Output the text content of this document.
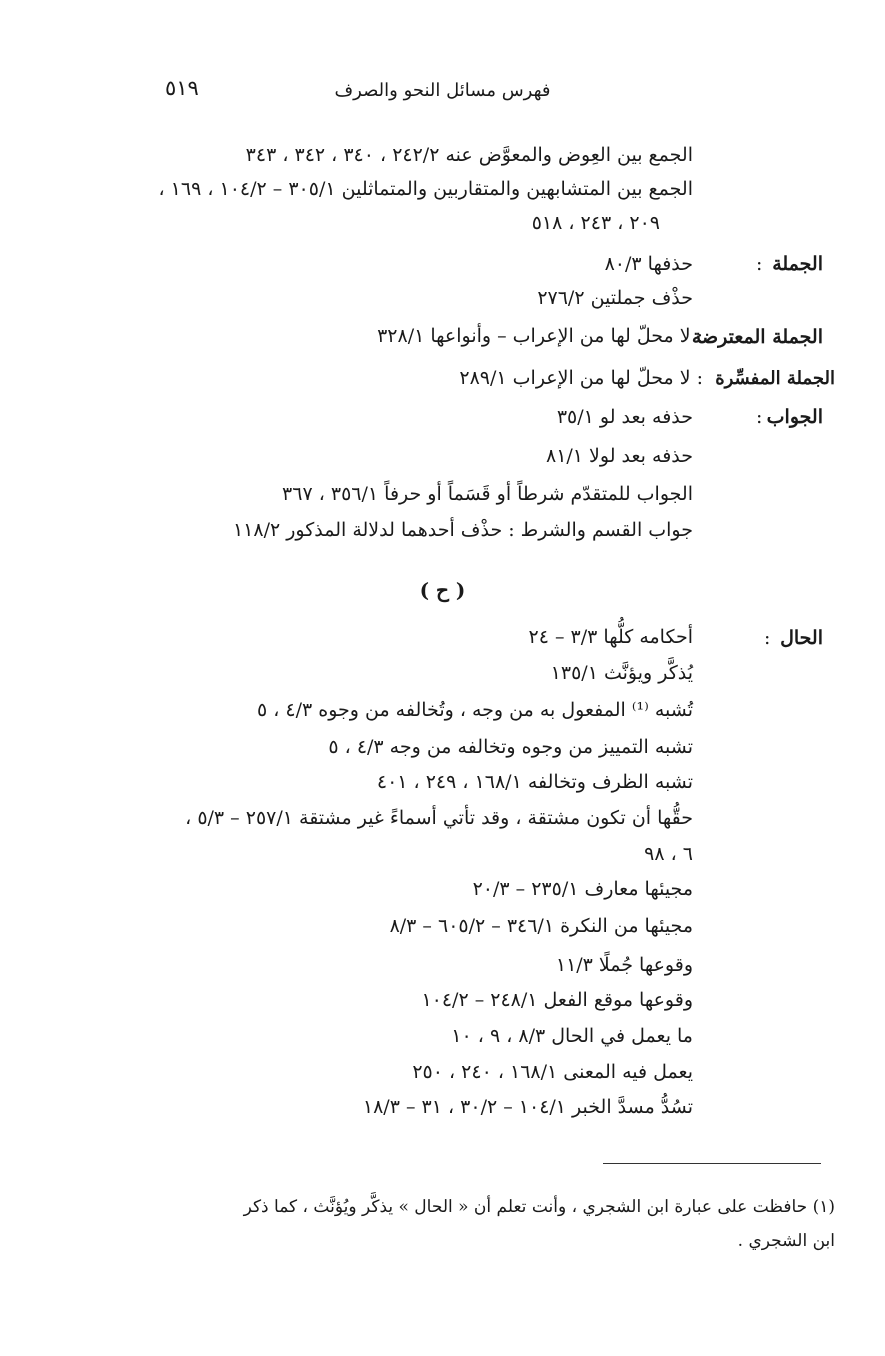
٥١٩	فهرس مسائل النحو والصرف
الجمع بين العِوض والمعوَّض عنه ٢٤٢/٢ ، ٣٤٠ ، ٣٤٢ ، ٣٤٣
الجمع بين المتشابهين والمتقاربين والمتماثلين ٣٠٥/١ – ١٠٤/٢ ، ١٦٩ ،
٢٠٩ ، ٢٤٣ ، ٥١٨
الجملة
:
حذفها ٨٠/٣
حذْف جملتين ٢٧٦/٢
الجملة المعترضة
: لا محلّ لها من الإعراب – وأنواعها ٣٢٨/١
الجملة المفسِّرة
: لا محلّ لها من الإعراب ٢٨٩/١
الجواب
:
حذفه بعد لو ٣٥/١
حذفه بعد لولا ٨١/١
الجواب للمتقدّم شرطاً أو قَسَماً أو حرفاً ٣٥٦/١ ، ٣٦٧
جواب القسم والشرط : حذْف أحدهما لدلالة المذكور ١١٨/٢
( ح )
الحال
:
أحكامه كلُّها ٣/٣ – ٢٤
يُذكَّر ويؤنَّث ١٣٥/١
تُشبه ⁽¹⁾ المفعول به من وجه ، وتُخالفه من وجوه ٤/٣ ، ٥
تشبه التمييز من وجوه وتخالفه من وجه ٤/٣ ، ٥
تشبه الظرف وتخالفه ١٦٨/١ ، ٢٤٩ ، ٤٠١
حقُّها أن تكون مشتقة ، وقد تأتي أسماءً غير مشتقة ٢٥٧/١ – ٥/٣ ،
٦ ، ٩٨
مجيئها معارف ٢٣٥/١ – ٢٠/٣
مجيئها من النكرة ٣٤٦/١ – ٦٠٥/٢ – ٨/٣
وقوعها جُملًا ١١/٣
وقوعها موقع الفعل ٢٤٨/١ – ١٠٤/٢
ما يعمل في الحال ٨/٣ ، ٩ ، ١٠
يعمل فيه المعنى ١٦٨/١ ، ٢٤٠ ، ٢٥٠
تسُدُّ مسدَّ الخبر ١٠٤/١ – ٣٠/٢ ، ٣١ – ١٨/٣
(١) حافظت على عبارة ابن الشجري ، وأنت تعلم أن « الحال » يذكَّر ويُؤنَّث ، كما ذكر
ابن الشجري .
